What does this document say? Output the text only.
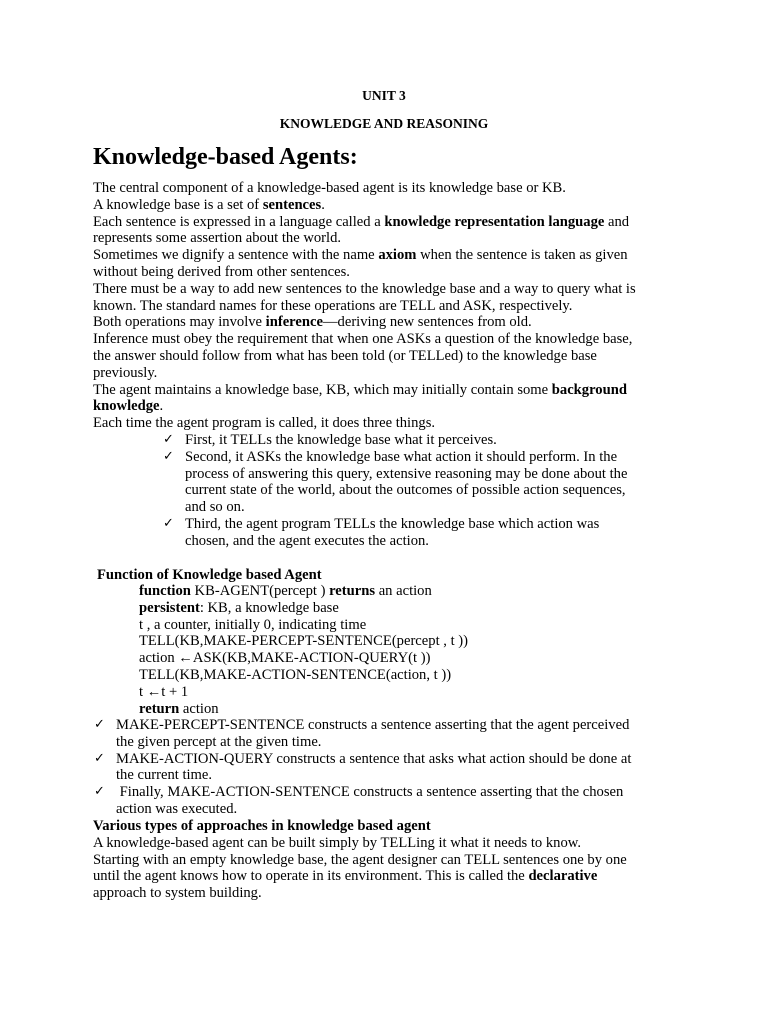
UNIT 3
KNOWLEDGE AND REASONING
Knowledge-based Agents:

The central component of a knowledge-based agent is its knowledge base or KB.

A knowledge base is a set of sentences.

Each sentence is expressed in a language called a knowledge representation language and

represents some assertion about the world.

Sometimes we dignify a sentence with the name axiom when the sentence is taken as given

without being derived from other sentences.

There must be a way to add new sentences to the knowledge base and a way to query what is

known. The standard names for these operations are TELL and ASK, respectively.

Both operations may involve inference—deriving new sentences from old.

Inference must obey the requirement that when one ASKs a question of the knowledge base,

the answer should follow from what has been told (or TELLed) to the knowledge base

previously.

The agent maintains a knowledge base, KB, which may initially contain some background

knowledge.

Each time the agent program is called, it does three things.

✓ First, it TELLs the knowledge base what it perceives.
✓ Second, it ASKs the knowledge base what action it should perform. In the
process of answering this query, extensive reasoning may be done about the
current state of the world, about the outcomes of possible action sequences,
and so on.
✓ Third, the agent program TELLs the knowledge base which action was
chosen, and the agent executes the action.
Function of Knowledge based Agent
function KB-AGENT(percept ) returns an action
persistent: KB, a knowledge base
t , a counter, initially 0, indicating time
TELL(KB,MAKE-PERCEPT-SENTENCE(percept , t ))
action ←ASK(KB,MAKE-ACTION-QUERY(t ))
TELL(KB,MAKE-ACTION-SENTENCE(action, t ))
t ←t + 1
return action
✓ MAKE-PERCEPT-SENTENCE constructs a sentence asserting that the agent perceived
the given percept at the given time.
✓ MAKE-ACTION-QUERY constructs a sentence that asks what action should be done at
the current time.
✓ Finally, MAKE-ACTION-SENTENCE constructs a sentence asserting that the chosen
action was executed.

Various types of approaches in knowledge based agent

A knowledge-based agent can be built simply by TELLing it what it needs to know.

Starting with an empty knowledge base, the agent designer can TELL sentences one by one

until the agent knows how to operate in its environment. This is called the declarative

approach to system building.
